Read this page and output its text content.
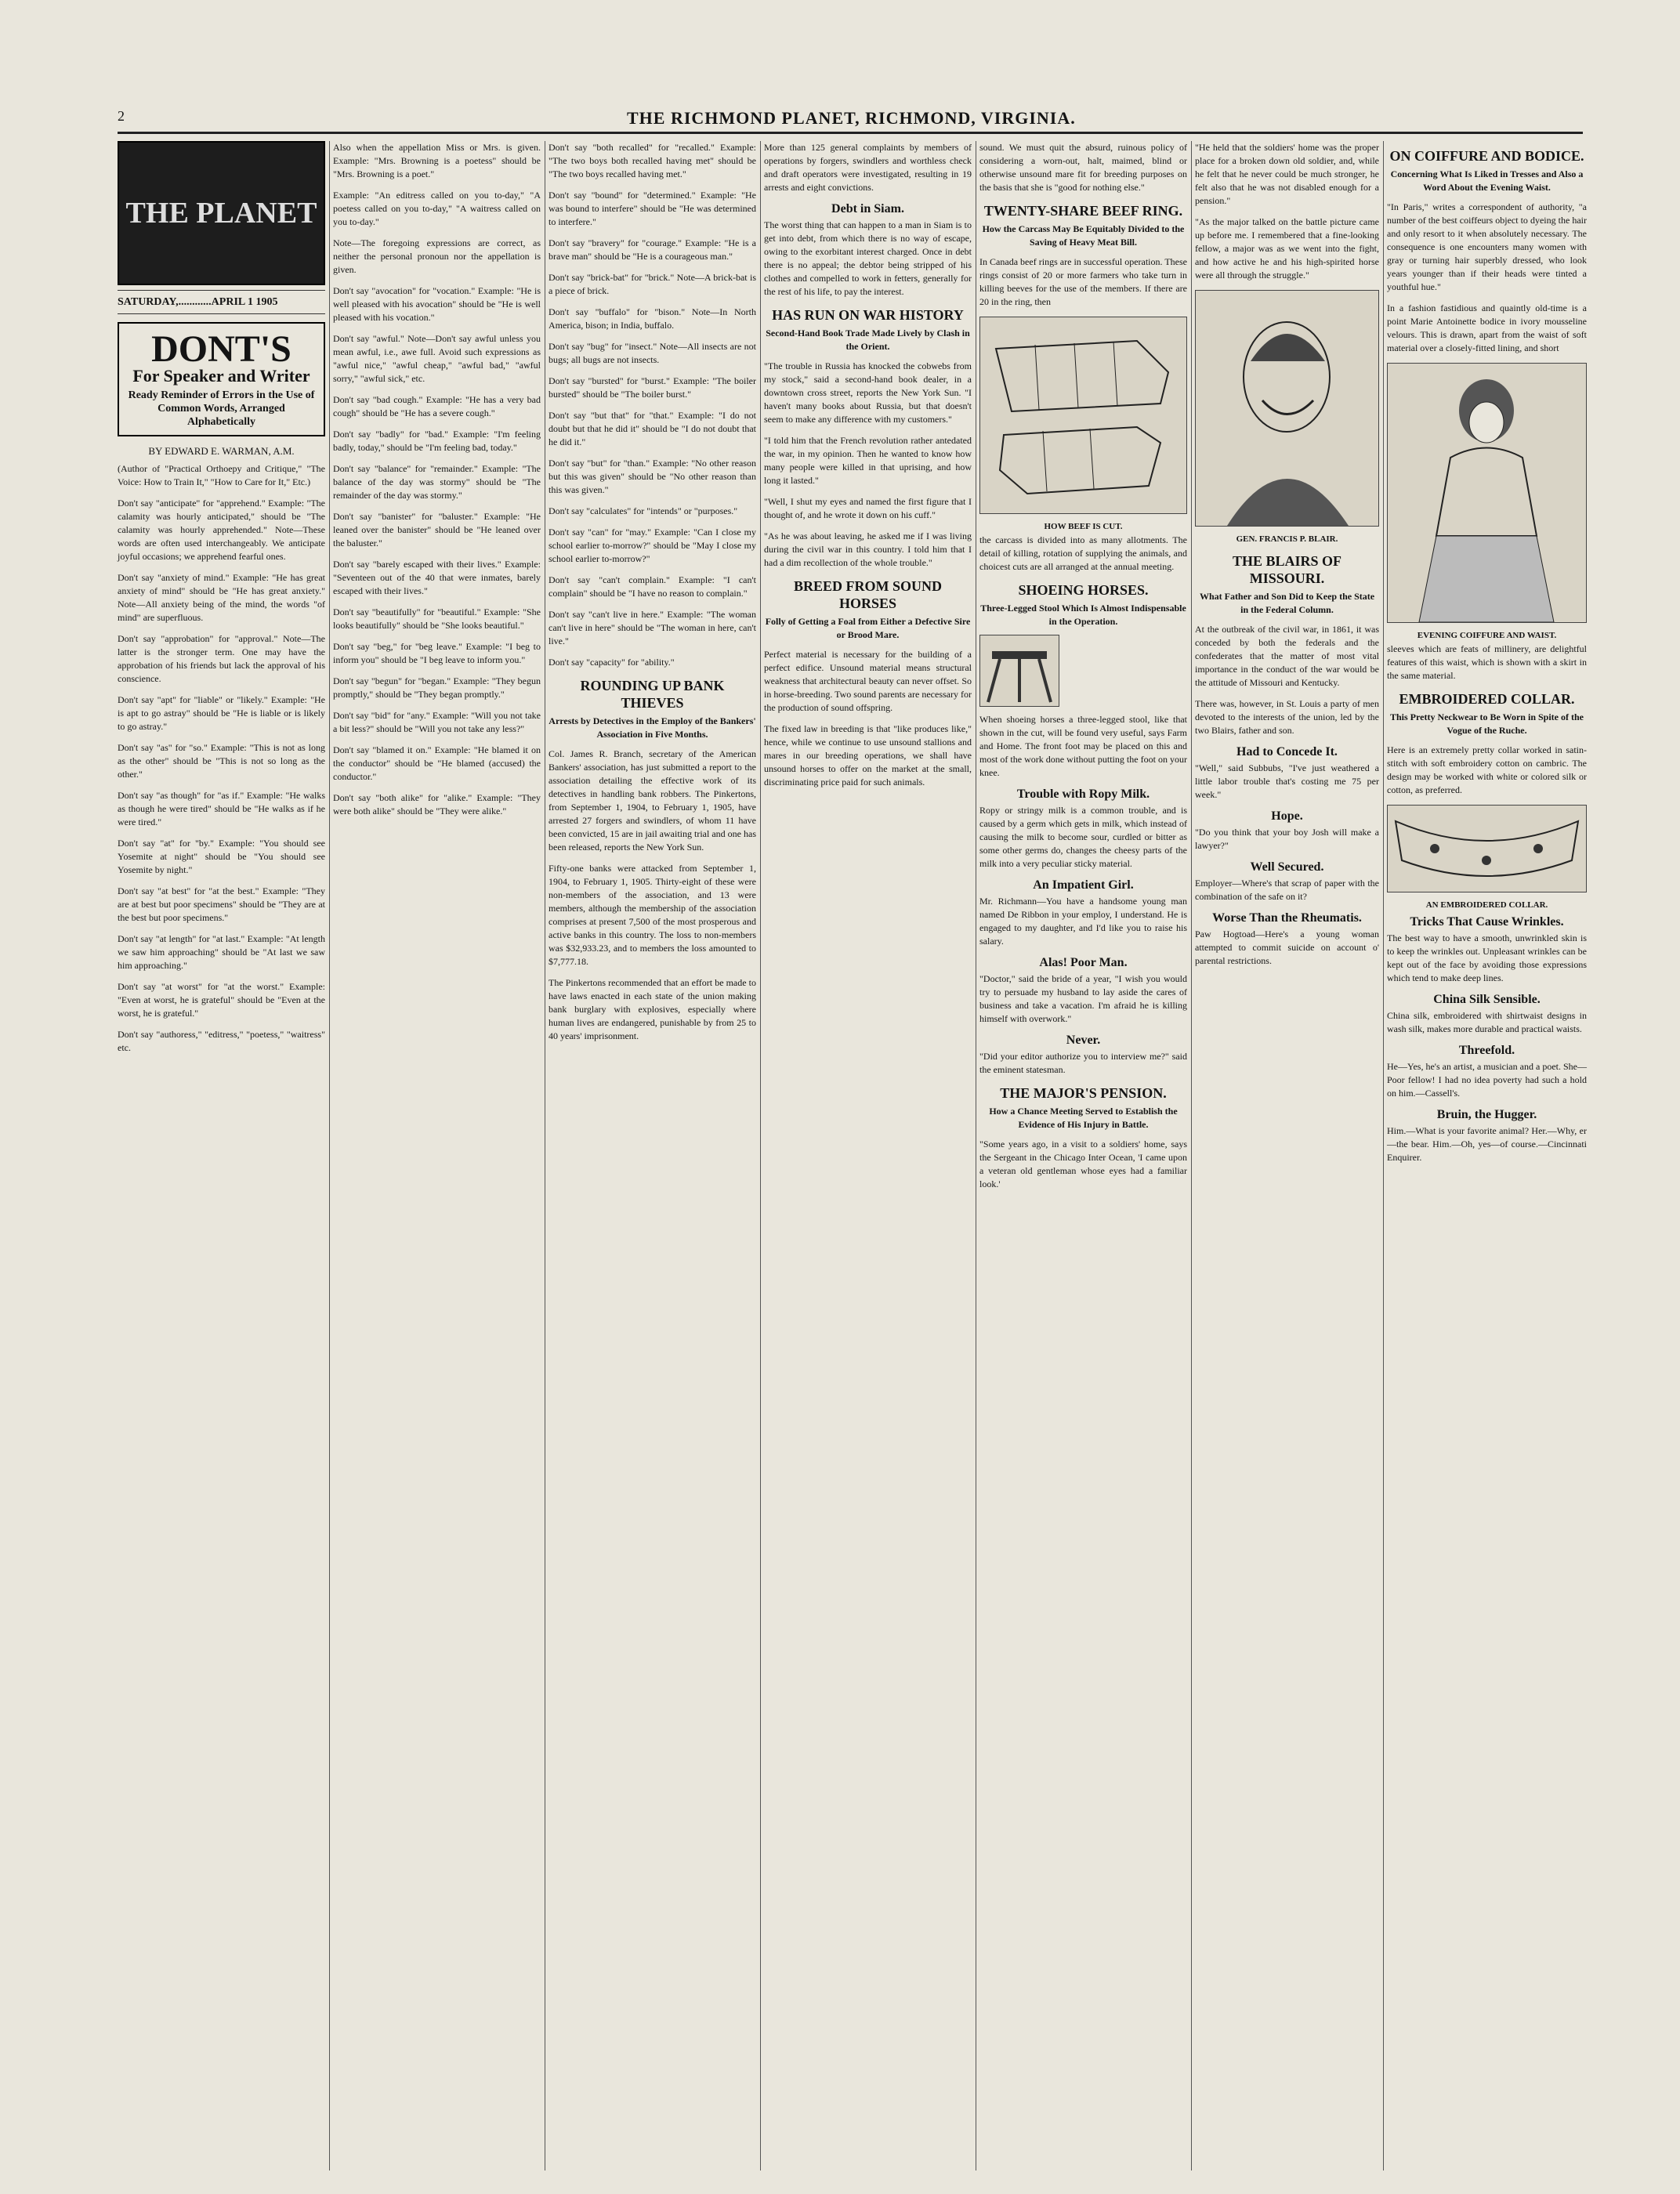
2	THE RICHMOND PLANET, RICHMOND, VIRGINIA.
THE PLANET
SATURDAY,............APRIL 1 1905
DONT'S
For Speaker and Writer
Ready Reminder of Errors in the Use of Common Words, Arranged Alphabetically
BY EDWARD E. WARMAN, A.M.
(Author of "Practical Orthoepy and Critique," "The Voice: How to Train It," "How to Care for It," Etc.)
Don't say "anticipate" for "apprehend." Example: "The calamity was hourly anticipated," should be "The calamity was hourly apprehended." Note—These words are often used interchangeably. We anticipate joyful occasions; we apprehend fearful ones.
Don't say "anxiety of mind." Example: "He has great anxiety of mind" should be "He has great anxiety." Note—All anxiety being of the mind, the words "of mind" are superfluous.
Don't say "approbation" for "approval." Note—The latter is the stronger term. One may have the approbation of his friends but lack the approval of his conscience.
Don't say "apt" for "liable" or "likely." Example: "He is apt to go astray" should be "He is liable or is likely to go astray."
Don't say "as" for "so." Example: "This is not as long as the other" should be "This is not so long as the other."
Don't say "as though" for "as if." Example: "He walks as though he were tired" should be "He walks as if he were tired."
Don't say "at" for "by." Example: "You should see Yosemite at night" should be "You should see Yosemite by night."
Don't say "at best" for "at the best." Example: "They are at best but poor specimens" should be "They are at the best but poor specimens."
Don't say "at length" for "at last." Example: "At length we saw him approaching" should be "At last we saw him approaching."
Don't say "at worst" for "at the worst." Example: "Even at worst, he is grateful" should be "Even at the worst, he is grateful."
Don't say "authoress," "editress," "poetess," "waitress" etc.
Also when the appellation Miss or Mrs. is given. Example: "Mrs. Browning is a poetess" should be "Mrs. Browning is a poet."
Example: "An editress called on you to-day," "A poetess called on you to-day," "A waitress called on you to-day."
Note—The foregoing expressions are correct, as neither the personal pronoun nor the appellation is given.
Don't say "avocation" for "vocation." Example: "He is well pleased with his avocation" should be "He is well pleased with his vocation."
Don't say "awful." Note—Don't say awful unless you mean awful, i.e., awe full. Avoid such expressions as "awful nice," "awful cheap," "awful bad," "awful sorry," "awful sick," etc.
Don't say "bad cough." Example: "He has a very bad cough" should be "He has a severe cough."
Don't say "badly" for "bad." Example: "I'm feeling badly, today," should be "I'm feeling bad, today."
Don't say "balance" for "remainder." Example: "The balance of the day was stormy" should be "The remainder of the day was stormy."
Don't say "banister" for "baluster." Example: "He leaned over the banister" should be "He leaned over the baluster."
Don't say "barely escaped with their lives." Example: "Seventeen out of the 40 that were inmates, barely escaped with their lives."
Don't say "beautifully" for "beautiful." Example: "She looks beautifully" should be "She looks beautiful."
Don't say "beg," for "beg leave." Example: "I beg to inform you" should be "I beg leave to inform you."
Don't say "begun" for "began." Example: "They begun promptly," should be "They began promptly."
Don't say "bid" for "any." Example: "Will you not take a bit less?" should be "Will you not take any less?"
Don't say "blamed it on." Example: "He blamed it on the conductor" should be "He blamed (accused) the conductor."
Don't say "both alike" for "alike." Example: "They were both alike" should be "They were alike."
Don't say "both recalled" for "recalled." Example: "The two boys both recalled having met" should be "The two boys recalled having met."
Don't say "bound" for "determined." Example: "He was bound to interfere" should be "He was determined to interfere."
Don't say "bravery" for "courage." Example: "He is a brave man" should be "He is a courageous man."
Don't say "brick-bat" for "brick." Note—A brick-bat is a piece of brick.
Don't say "buffalo" for "bison." Note—In North America, bison; in India, buffalo.
Don't say "bug" for "insect." Note—All insects are not bugs; all bugs are not insects.
Don't say "bursted" for "burst." Example: "The boiler bursted" should be "The boiler burst."
Don't say "but that" for "that." Example: "I do not doubt but that he did it" should be "I do not doubt that he did it."
Don't say "but" for "than." Example: "No other reason but this was given" should be "No other reason than this was given."
Don't say "calculates" for "intends" or "purposes."
Don't say "can" for "may." Example: "Can I close my school earlier to-morrow?" should be "May I close my school earlier to-morrow?"
Don't say "can't complain." Example: "I can't complain" should be "I have no reason to complain."
Don't say "can't live in here." Example: "The woman can't live in here" should be "The woman in here, can't live."
Don't say "capacity" for "ability."
ROUNDING UP BANK THIEVES
Arrests by Detectives in the Employ of the Bankers' Association in Five Months.
Col. James R. Branch, secretary of the American Bankers' association, has just submitted a report to the association detailing the effective work of its detectives in handling bank robbers. The Pinkertons, from September 1, 1904, to February 1, 1905, have arrested 27 forgers and swindlers, of whom 11 have been convicted, 15 are in jail awaiting trial and one has been released, reports the New York Sun.
Fifty-one banks were attacked from September 1, 1904, to February 1, 1905. Thirty-eight of these were non-members of the association, and 13 were members, although the membership of the association comprises at present 7,500 of the most prosperous and active banks in this country. The loss to non-members was $32,933.23, and to members the loss amounted to $7,777.18.
The Pinkertons recommended that an effort be made to have laws enacted in each state of the union making bank burglary with explosives, especially where human lives are endangered, punishable by from 25 to 40 years' imprisonment.
More than 125 general complaints by members of operations by forgers, swindlers and worthless check and draft operators were investigated, resulting in 19 arrests and eight convictions.
Debt in Siam.
The worst thing that can happen to a man in Siam is to get into debt, from which there is no way of escape, owing to the exorbitant interest charged. Once in debt there is no appeal; the debtor being stripped of his clothes and compelled to work in fetters, generally for the rest of his life, to pay the interest.
HAS RUN ON WAR HISTORY
Second-Hand Book Trade Made Lively by Clash in the Orient.
"The trouble in Russia has knocked the cobwebs from my stock," said a second-hand book dealer, in a downtown cross street, reports the New York Sun. "I haven't many books about Russia, but that doesn't seem to make any difference with my customers."
"I told him that the French revolution rather antedated the war, in my opinion. Then he wanted to know how many people were killed in that uprising, and how long it lasted."
"Well, I shut my eyes and named the first figure that I thought of, and he wrote it down on his cuff."
"As he was about leaving, he asked me if I was living during the civil war in this country. I told him that I had a dim recollection of the whole trouble."
BREED FROM SOUND HORSES
Folly of Getting a Foal from Either a Defective Sire or Brood Mare.
Perfect material is necessary for the building of a perfect edifice. Unsound material means structural weakness that architectural beauty can never offset. So in horse-breeding. Two sound parents are necessary for the production of sound offspring.
The fixed law in breeding is that "like produces like," hence, while we continue to use unsound stallions and mares in our breeding operations, we shall have unsound horses to offer on the market at the small, discriminating price paid for such animals.
sound. We must quit the absurd, ruinous policy of considering a worn-out, halt, maimed, blind or otherwise unsound mare fit for breeding purposes on the basis that she is "good for nothing else."
TWENTY-SHARE BEEF RING.
How the Carcass May Be Equitably Divided to the Saving of Heavy Meat Bill.
In Canada beef rings are in successful operation. These rings consist of 20 or more farmers who take turn in killing beeves for the use of the members. If there are 20 in the ring, then
HOW BEEF IS CUT.
the carcass is divided into as many allotments. The detail of killing, rotation of supplying the animals, and choicest cuts are all arranged at the annual meeting.
SHOEING HORSES.
Three-Legged Stool Which Is Almost Indispensable in the Operation.
When shoeing horses a three-legged stool, like that shown in the cut, will be found very useful, says Farm and Home. The front foot may be placed on this and most of the work done without putting the foot on your knee.
Trouble with Ropy Milk.
Ropy or stringy milk is a common trouble, and is caused by a germ which gets in milk, which instead of causing the milk to become sour, curdled or bitter as some other germs do, changes the cheesy parts of the milk into a very peculiar sticky material.
An Impatient Girl.
Mr. Richmann—You have a handsome young man named De Ribbon in your employ, I understand. He is engaged to my daughter, and I'd like you to raise his salary.
Alas! Poor Man.
"Doctor," said the bride of a year, "I wish you would try to persuade my husband to lay aside the cares of business and take a vacation. I'm afraid he is killing himself with overwork."
Never.
"Did your editor authorize you to interview me?" said the eminent statesman.
THE MAJOR'S PENSION.
How a Chance Meeting Served to Establish the Evidence of His Injury in Battle.
"Some years ago, in a visit to a soldiers' home, says the Sergeant in the Chicago Inter Ocean, 'I came upon a veteran old gentleman whose eyes had a familiar look.'
"He held that the soldiers' home was the proper place for a broken down old soldier, and, while he felt that he never could be much stronger, he felt also that he was not disabled enough for a pension."
"As the major talked on the battle picture came up before me. I remembered that a fine-looking fellow, a major was as we went into the fight, and how active he and his high-spirited horse were all through the struggle."
GEN. FRANCIS P. BLAIR.
THE BLAIRS OF MISSOURI.
What Father and Son Did to Keep the State in the Federal Column.
At the outbreak of the civil war, in 1861, it was conceded by both the federals and the confederates that the matter of most vital importance in the conduct of the war would be the attitude of Missouri and Kentucky.
There was, however, in St. Louis a party of men devoted to the interests of the union, led by the two Blairs, father and son.
Had to Concede It.
"Well," said Subbubs, "I've just weathered a little labor trouble that's costing me 75 per week."
Hope.
"Do you think that your boy Josh will make a lawyer?"
Well Secured.
Employer—Where's that scrap of paper with the combination of the safe on it?
Worse Than the Rheumatis.
Paw Hogtoad—Here's a young woman attempted to commit suicide on account o' parental restrictions.
ON COIFFURE AND BODICE.
Concerning What Is Liked in Tresses and Also a Word About the Evening Waist.
"In Paris," writes a correspondent of authority, "a number of the best coiffeurs object to dyeing the hair and only resort to it when absolutely necessary. The consequence is one encounters many women with gray or turning hair superbly dressed, who look years younger than if their heads were tinted a youthful hue."
In a fashion fastidious and quaintly old-time is a point Marie Antoinette bodice in ivory mousseline velours. This is drawn, apart from the waist of soft material over a closely-fitted lining, and short
EVENING COIFFURE AND WAIST.
sleeves which are feats of millinery, are delightful features of this waist, which is shown with a skirt in the same material.
EMBROIDERED COLLAR.
This Pretty Neckwear to Be Worn in Spite of the Vogue of the Ruche.
Here is an extremely pretty collar worked in satin-stitch with soft embroidery cotton on cambric. The design may be worked with white or colored silk or cotton, as preferred.
AN EMBROIDERED COLLAR.
Tricks That Cause Wrinkles.
The best way to have a smooth, unwrinkled skin is to keep the wrinkles out. Unpleasant wrinkles can be kept out of the face by avoiding those expressions which tend to make deep lines.
China Silk Sensible.
China silk, embroidered with shirtwaist designs in wash silk, makes more durable and practical waists.
Threefold.
He—Yes, he's an artist, a musician and a poet. She—Poor fellow! I had no idea poverty had such a hold on him.—Cassell's.
Bruin, the Hugger.
Him.—What is your favorite animal? Her.—Why, er—the bear. Him.—Oh, yes—of course.—Cincinnati Enquirer.
